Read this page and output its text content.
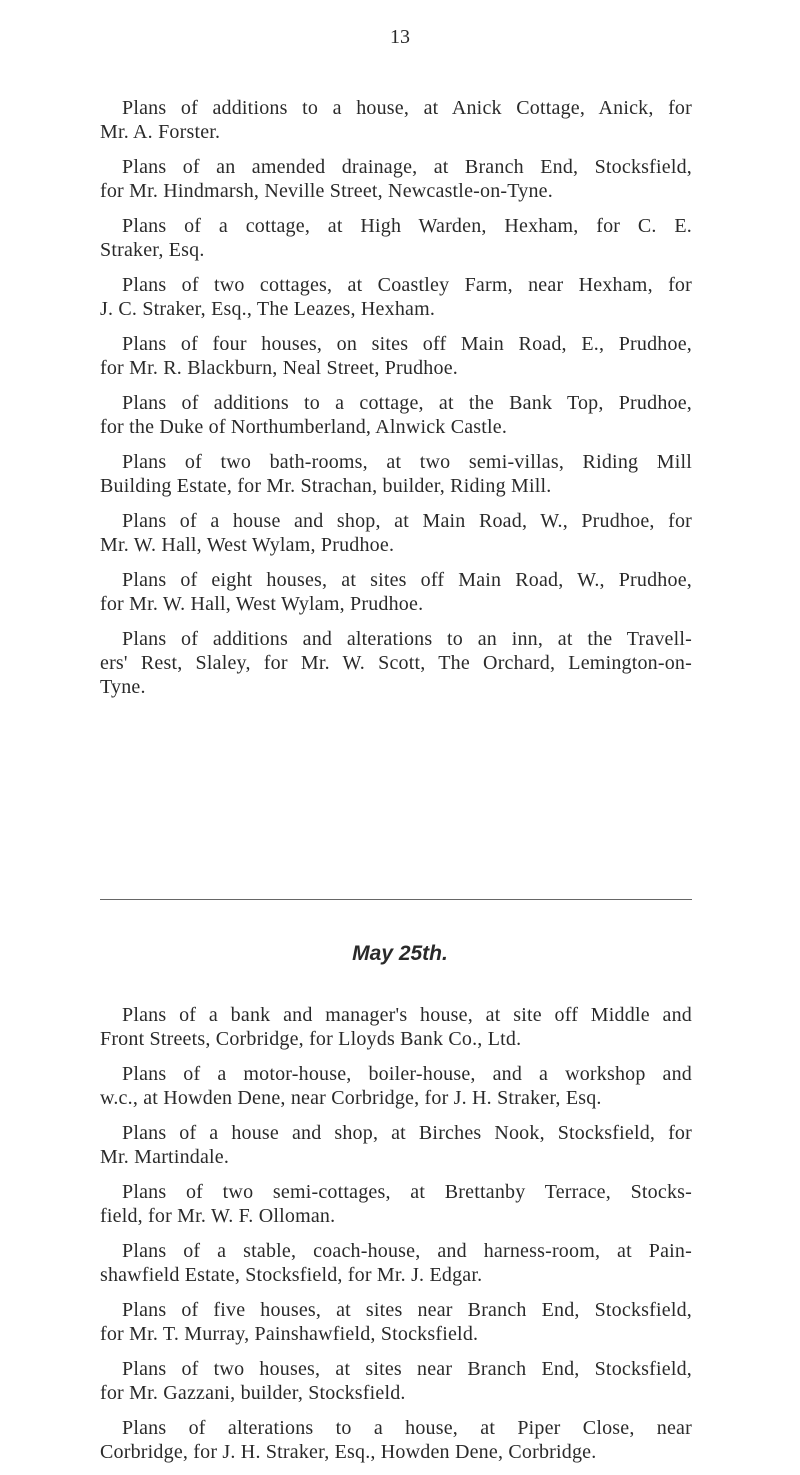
13

Plans of additions to a house, at Anick Cottage, Anick, for
Mr. A. Forster.

Plans of an amended drainage, at Branch End, Stocksfield,
for Mr. Hindmarsh, Neville Street, Newcastle-on-Tyne.

Plans of a cottage, at High Warden, Hexham, for C. E.
Straker, Esq.

Plans of two cottages, at Coastley Farm, near Hexham, for
J. C. Straker, Esq., The Leazes, Hexham.

Plans of four houses, on sites off Main Road, E., Prudhoe,
for Mr. R. Blackburn, Neal Street, Prudhoe.

Plans of additions to a cottage, at the Bank Top, Prudhoe,
for the Duke of Northumberland, Alnwick Castle.

Plans of two bath-rooms, at two semi-villas, Riding Mill
Building Estate, for Mr. Strachan, builder, Riding Mill.

Plans of a house and shop, at Main Road, W., Prudhoe, for
Mr. W. Hall, West Wylam, Prudhoe.

Plans of eight houses, at sites off Main Road, W., Prudhoe,
for Mr. W. Hall, West Wylam, Prudhoe.

Plans of additions and alterations to an inn, at the Travell-
ers' Rest, Slaley, for Mr. W. Scott, The Orchard, Lemington-on-
Tyne.

May 25th.

Plans of a bank and manager's house, at site off Middle and
Front Streets, Corbridge, for Lloyds Bank Co., Ltd.

Plans of a motor-house, boiler-house, and a workshop and
w.c., at Howden Dene, near Corbridge, for J. H. Straker, Esq.

Plans of a house and shop, at Birches Nook, Stocksfield, for
Mr. Martindale.

Plans of two semi-cottages, at Brettanby Terrace, Stocks-
field, for Mr. W. F. Olloman.

Plans of a stable, coach-house, and harness-room, at Pain-
shawfield Estate, Stocksfield, for Mr. J. Edgar.

Plans of five houses, at sites near Branch End, Stocksfield,
for Mr. T. Murray, Painshawfield, Stocksfield.

Plans of two houses, at sites near Branch End, Stocksfield,
for Mr. Gazzani, builder, Stocksfield.

Plans of alterations to a house, at Piper Close, near
Corbridge, for J. H. Straker, Esq., Howden Dene, Corbridge.
